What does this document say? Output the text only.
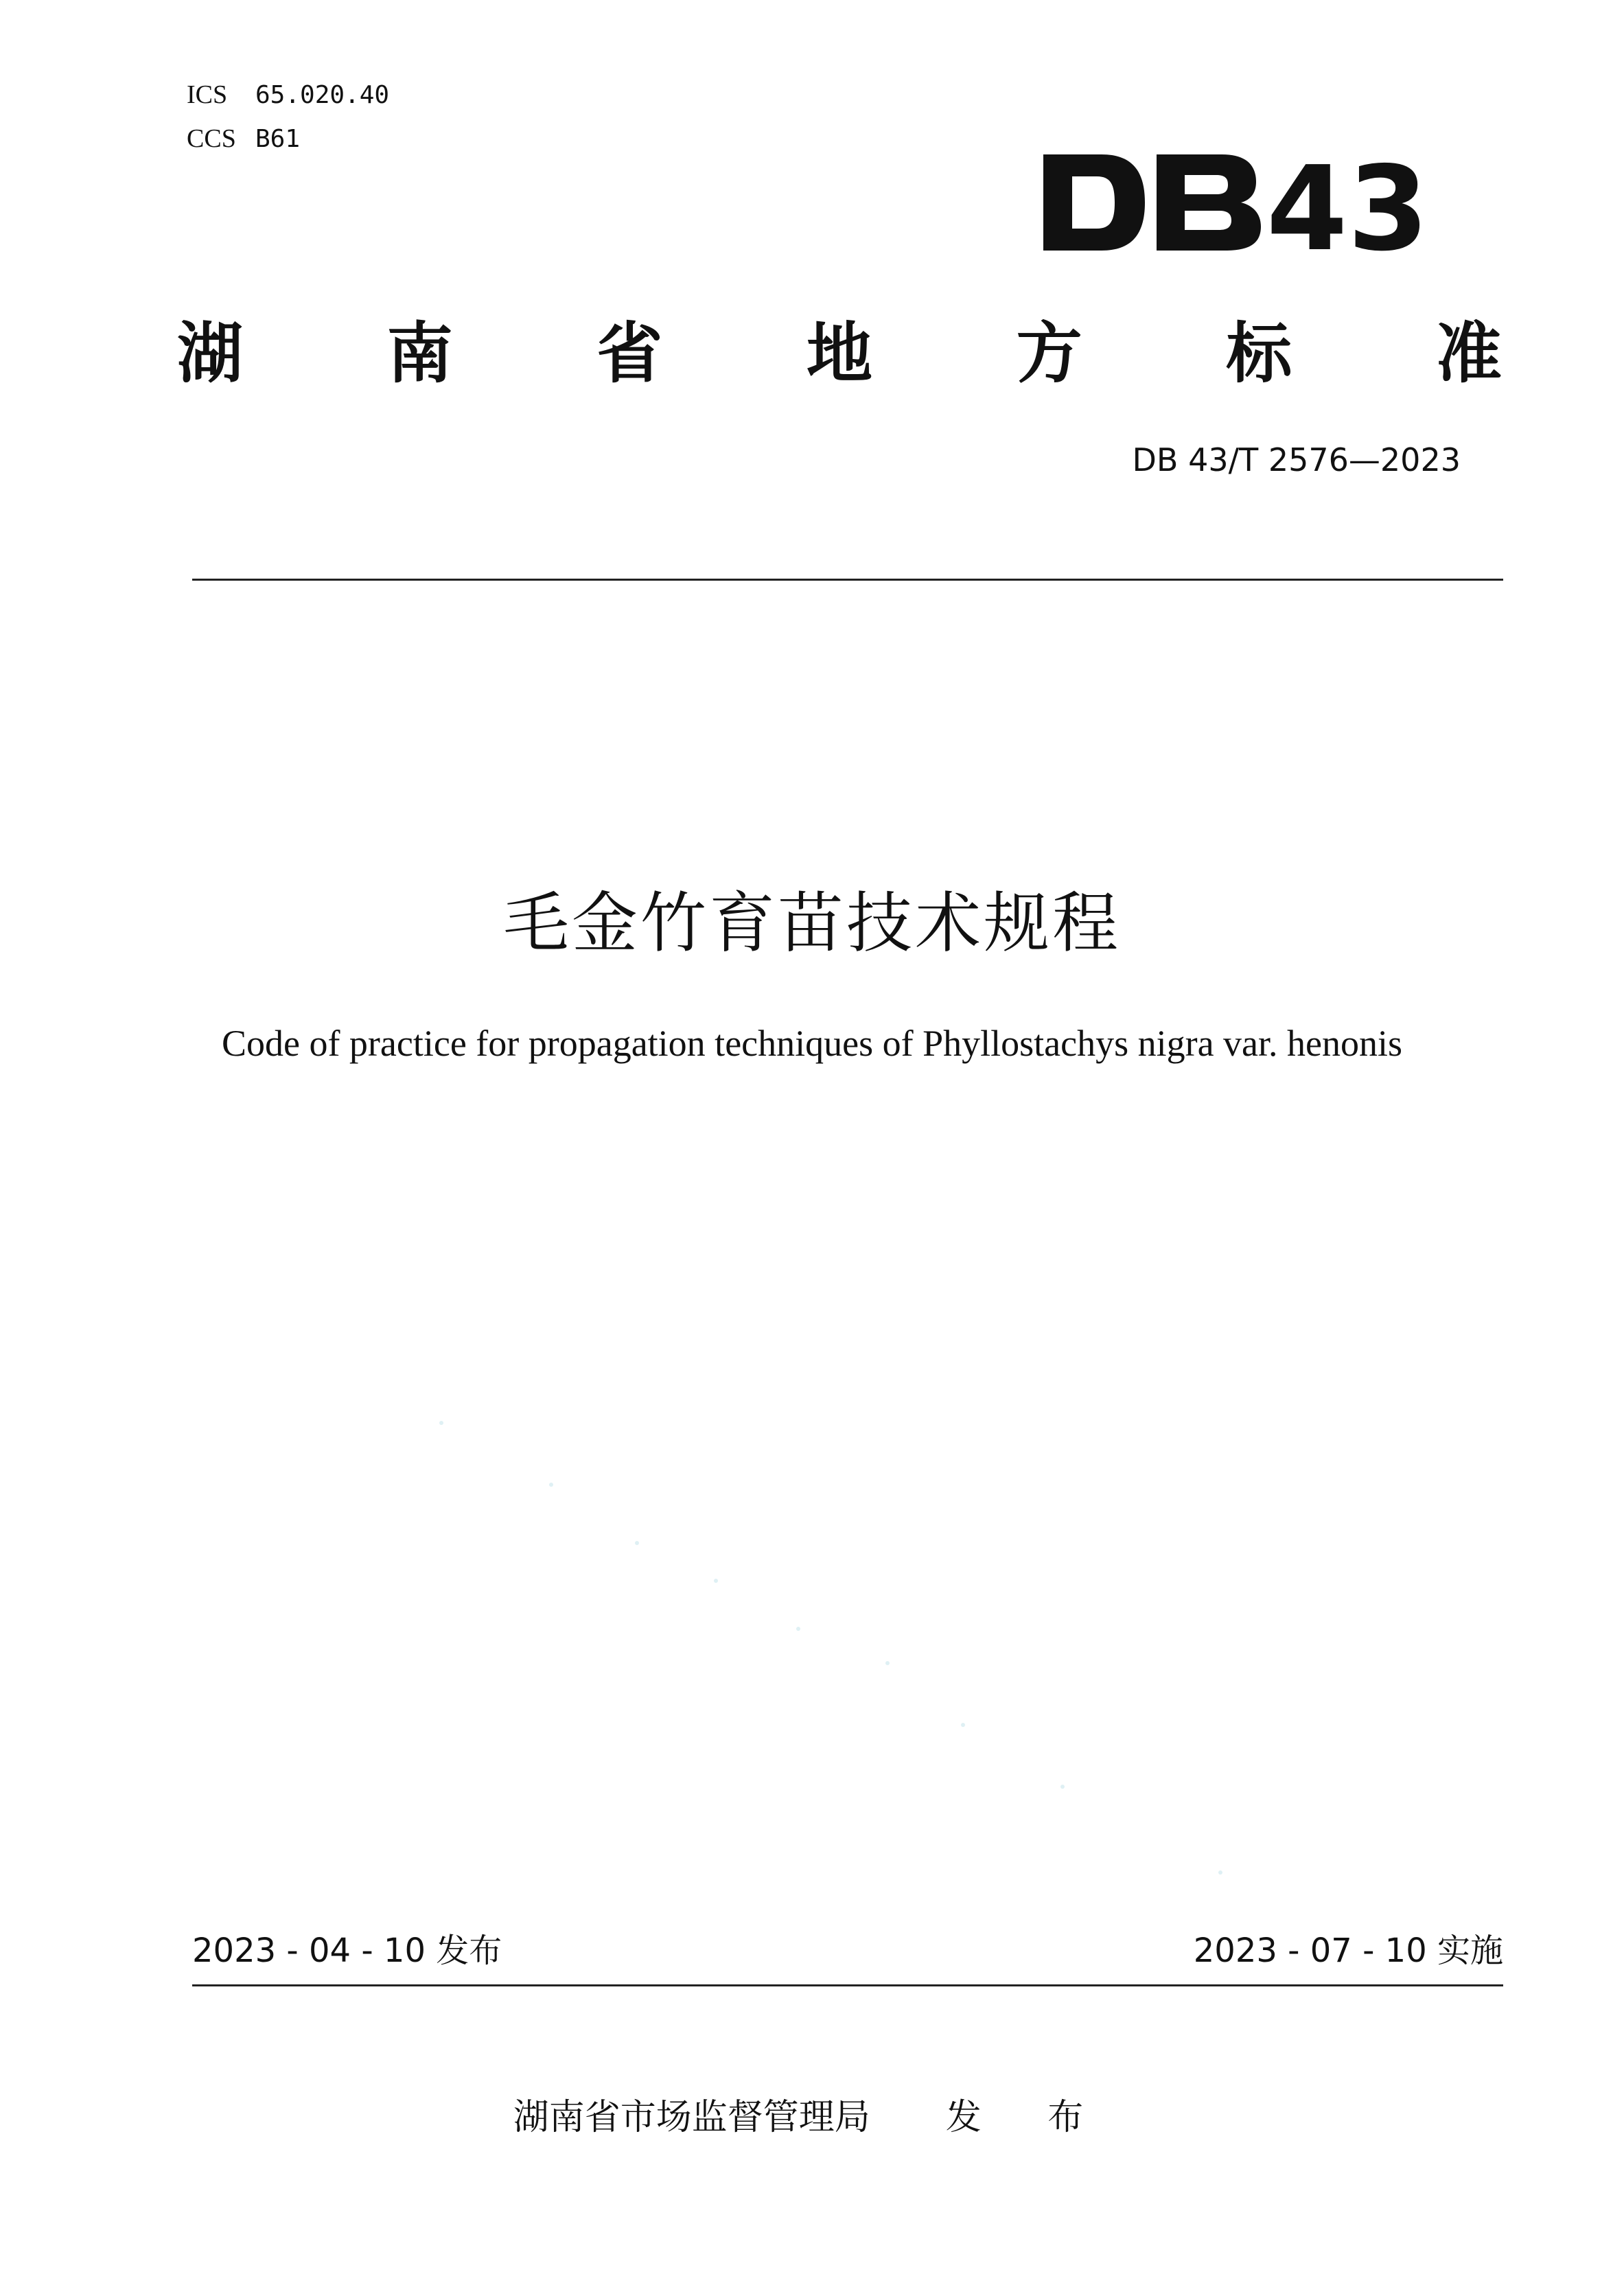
ICS 65.020.40
CCS B61
43
湖 南 省 地 方 标 准
DB 43/T 2576—2023
毛金竹育苗技术规程
Code of practice for propagation techniques of Phyllostachys nigra var. henonis
2023 - 04 - 10 发布	2023 - 07 - 10 实施
湖南省市场监督管理局 发 布
